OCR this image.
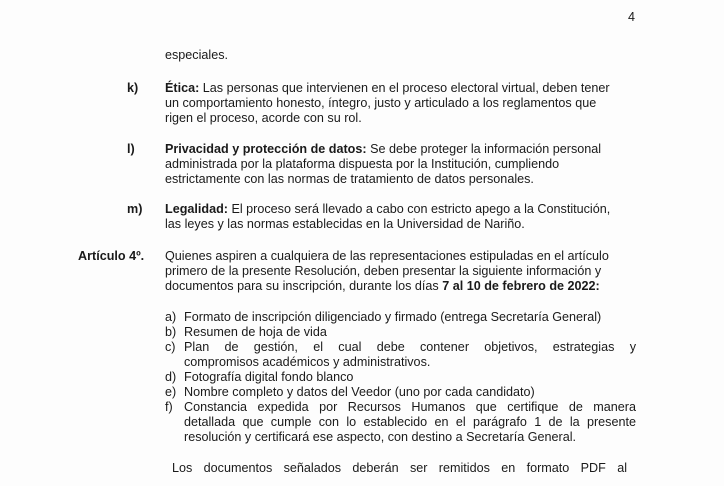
4
especiales.
k) Ética: Las personas que intervienen en el proceso electoral virtual, deben tener

un comportamiento honesto, íntegro, justo y articulado a los reglamentos que

rigen el proceso, acorde con su rol.

l) Privacidad y protección de datos: Se debe proteger la información personal

administrada por la plataforma dispuesta por la Institución, cumpliendo

estrictamente con las normas de tratamiento de datos personales.

m) Legalidad: El proceso será llevado a cabo con estricto apego a la Constitución,

las leyes y las normas establecidas en la Universidad de Nariño.

Artículo 4º. Quienes aspiren a cualquiera de las representaciones estipuladas en el artículo

primero de la presente Resolución, deben presentar la siguiente información y

documentos para su inscripción, durante los días 7 al 10 de febrero de 2022:

a) Formato de inscripción diligenciado y firmado (entrega Secretaría General)
b) Resumen de hoja de vida
c) Plan de gestión, el cual debe contener objetivos, estrategias y
compromisos académicos y administrativos.
d) Fotografía digital fondo blanco
e) Nombre completo y datos del Veedor (uno por cada candidato)
f) Constancia expedida por Recursos Humanos que certifique de manera
detallada que cumple con lo establecido en el parágrafo 1 de la presente
resolución y certificará ese aspecto, con destino a Secretaría General.

Los documentos señalados deberán ser remitidos en formato PDF al
